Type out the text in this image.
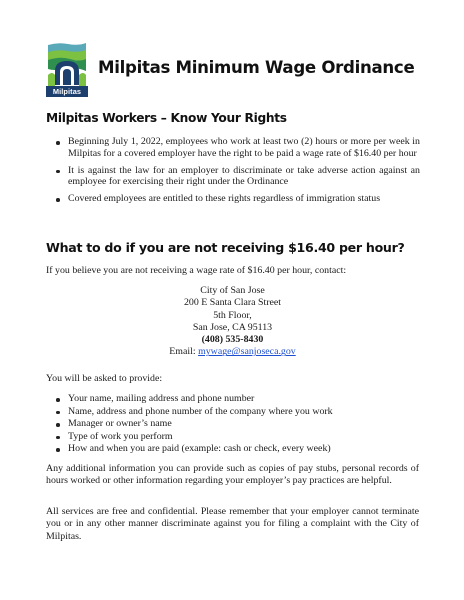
Milpitas
Milpitas Minimum Wage Ordinance
Milpitas Workers – Know Your Rights
Beginning July 1, 2022, employees who work at least two (2) hours or more per week in Milpitas for a covered employer have the right to be paid a wage rate of $16.40 per hour
It is against the law for an employer to discriminate or take adverse action against an employee for exercising their right under the Ordinance
Covered employees are entitled to these rights regardless of immigration status
What to do if you are not receiving $16.40 per hour?
If you believe you are not receiving a wage rate of $16.40 per hour, contact:
City of San Jose
200 E Santa Clara Street
5th Floor,
San Jose, CA 95113
(408) 535-8430
Email: mywage@sanjoseca.gov
You will be asked to provide:
Your name, mailing address and phone number
Name, address and phone number of the company where you work
Manager or owner’s name
Type of work you perform
How and when you are paid (example: cash or check, every week)
Any additional information you can provide such as copies of pay stubs, personal records of hours worked or other information regarding your employer’s pay practices are helpful.
All services are free and confidential. Please remember that your employer cannot terminate you or in any other manner discriminate against you for filing a complaint with the City of Milpitas.
